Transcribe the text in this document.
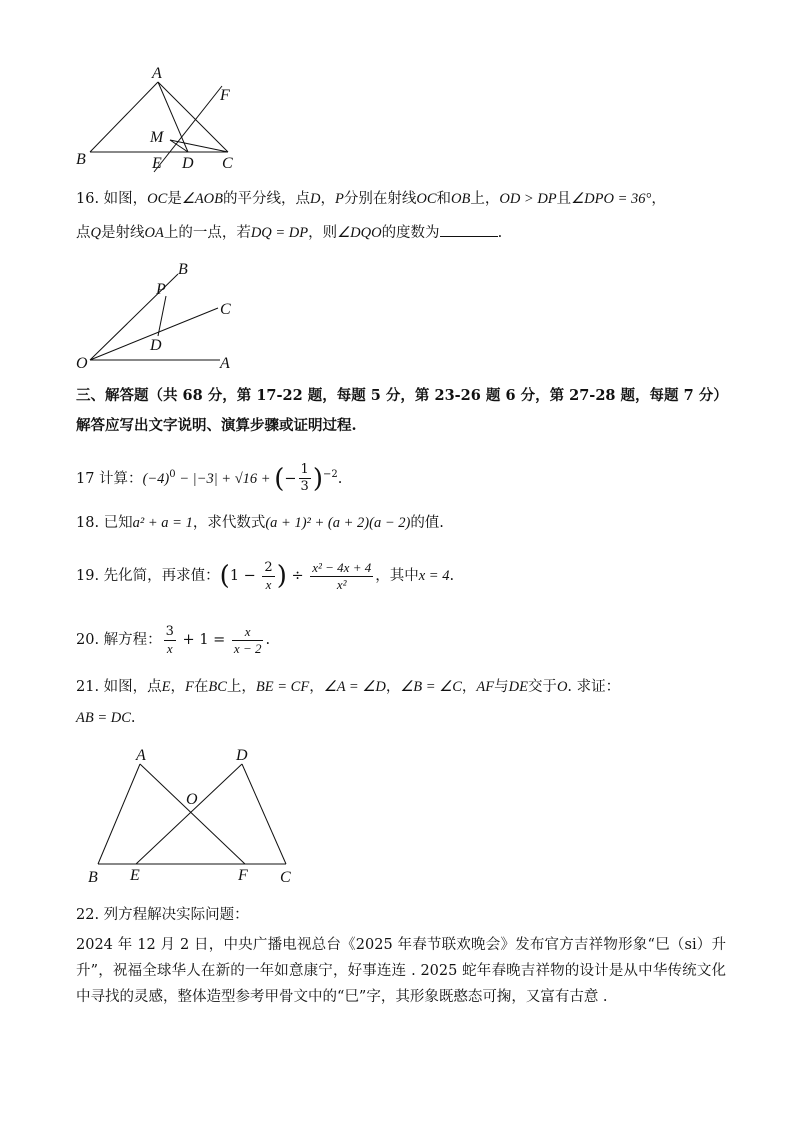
A
F
M
B	E D C
16. 如图，OC是∠AOB的平分线，点D，P分别在射线OC和OB上，OD > DP且∠DPO = 36°，
点Q是射线OA上的一点，若DQ = DP，则∠DQO的度数为	.
B
P
C
D
O	A
三、解答题（共 68 分，第 17-22 题，每题 5 分，第 23-26 题 6 分，第 27-28 题，每题 7 分）
解答应写出文字说明、演算步骤或证明过程.
17 计算：$(-4)^0 - |-3| + √16$ + (− $\frac{1}{3} )^{-2}$.
18. 已知a² + a = 1，求代数式(a + 1)² + (a + 2)(a − 2)的值.
19. 先化简，再求值：($1 - \frac{2}{x}$ ) ÷ $\frac{\text{x² − 4x + 4}}{\text{x²}}$ ，其中x = 4.
20. 解方程： $\frac{3}{x} + 1 = \frac{x}{x - 2}$ .
21. 如图，点E，F在BC上，BE = CF，∠A = ∠D，∠B = ∠C，AF与DE交于O. 求证：
AB = DC.
A	D
O
B E	F C
22. 列方程解决实际问题：
2024 年 12 月 2 日，中央广播电视总台《2025 年春节联欢晚会》发布官方吉祥物形象“巳（si）升升”，祝福全球华人在新的一年如意康宁，好事连连 . 2025 蛇年春晚吉祥物的设计是从中华传统文化中寻找的灵感，整体造型参考甲骨文中的“巳”字，其形象既憨态可掬，又富有古意 .
